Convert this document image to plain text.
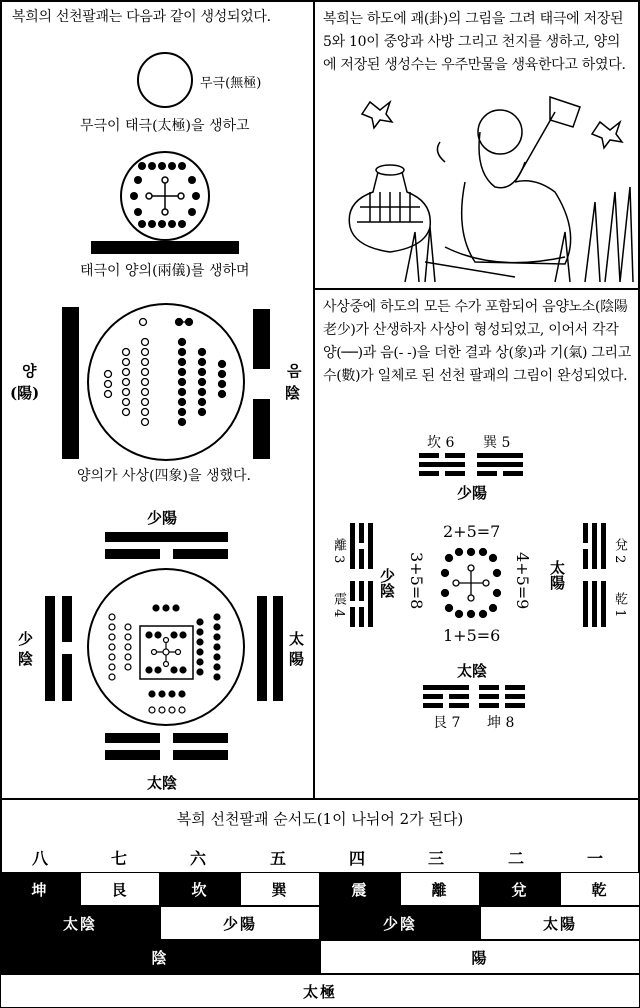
복희의 선천팔괘는 다음과 같이 생성되었다.
무극(無極)
무극이 태극(太極)을 생하고
태극이 양의(兩儀)를 생하며
양
(陽)
음
陰
양의가 사상(四象)을 생했다.
少陽
少
陰
太
陽
太陰
복희는 하도에 괘(卦)의 그림을 그려 태극에 저장된 5와 10이 중앙과 사방 그리고 천지를 생하고, 양의에 저장된 생성수는 우주만물을 생육한다고 하였다.
사상중에 하도의 모든 수가 포함되어 음양노소(陰陽老少)가 산생하자 사상이 형성되었고, 이어서 각각 양(──)과 음(- -)을 더한 결과 상(象)과 기(氣) 그리고 수(數)가 일체로 된 선천 팔괘의 그림이 완성되었다.
坎 6 巽 5
少陽
2+5=7
離 3
震 4
少陰 3+5=8	4+5=9 太陽
兌 2
乾 1
1+5=6
太陰
艮 7 坤 8
복희 선천팔괘 순서도(1이 나뉘어 2가 된다)
八	七	六	五	四	三	二	一
坤	艮	坎	巽	震	離	兌	乾
太陰	少陽	少陰	太陽
陰	陽
太極
